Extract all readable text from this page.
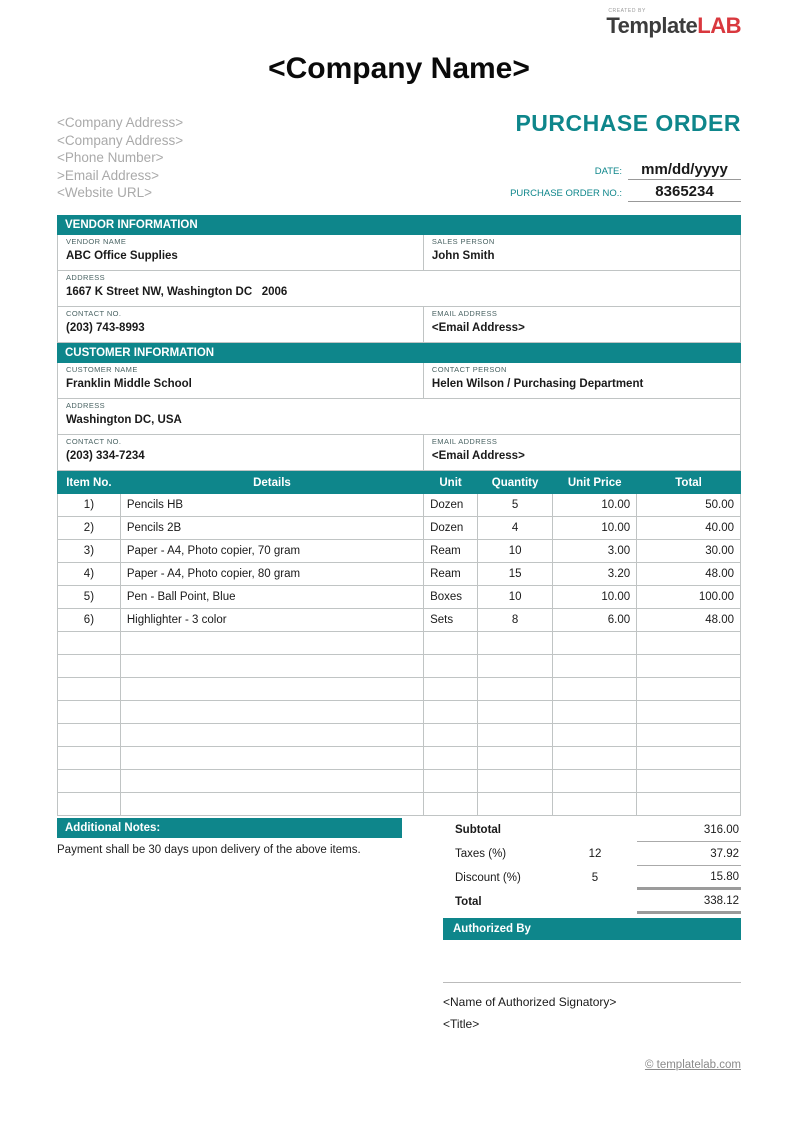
CREATED BY
TemplateLAB
<Company Name>
<Company Address>
<Company Address>
<Phone Number>
>Email Address>
<Website URL>
PURCHASE ORDER
DATE:	mm/dd/yyyy
PURCHASE ORDER NO.:	8365234
VENDOR INFORMATION
VENDOR NAME
ABC Office Supplies
SALES PERSON
John Smith
ADDRESS
1667 K Street NW, Washington DC   2006
CONTACT NO.
(203) 743-8993
EMAIL ADDRESS
<Email Address>
CUSTOMER INFORMATION
CUSTOMER NAME
Franklin Middle School
CONTACT PERSON
Helen Wilson / Purchasing Department
ADDRESS
Washington DC, USA
CONTACT NO.
(203) 334-7234
EMAIL ADDRESS
<Email Address>
Item No.	Details	Unit	Quantity	Unit Price	Total
1)	Pencils HB	Dozen	5	10.00	50.00
2)	Pencils 2B	Dozen	4	10.00	40.00
3)	Paper - A4, Photo copier, 70 gram	Ream	10	3.00	30.00
4)	Paper - A4, Photo copier, 80 gram	Ream	15	3.20	48.00
5)	Pen - Ball Point, Blue	Boxes	10	10.00	100.00
6)	Highlighter - 3 color	Sets	8	6.00	48.00

Additional Notes:
Payment shall be 30 days upon delivery of the above items.
Subtotal	316.00
Taxes (%)	12	37.92
Discount (%)	5	15.80
Total	338.12
Authorized By
<Name of Authorized Signatory>
<Title>
© templatelab.com
